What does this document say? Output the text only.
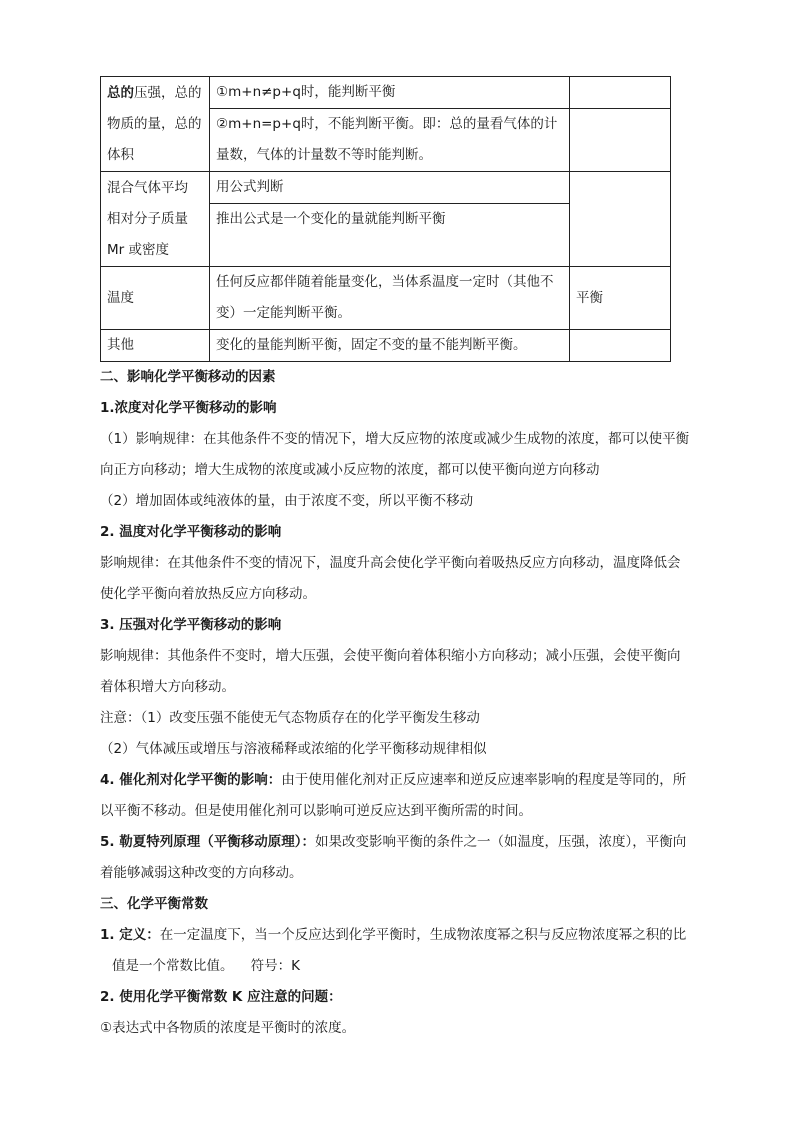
总的压强，总的
物质的量，总的
体积	①m+n≠p+q时，能判断平衡	
	②m+n=p+q时，不能判断平衡。即：总的量看气体的计量数，气体的计量数不等时能判断。	

混合气体平均
相对分子质量
Mr 或密度	用公式判断	
	推出公式是一个变化的量就能判断平衡	
温度	任何反应都伴随着能量变化，当体系温度一定时（其他不变）一定能判断平衡。	平衡
其他	变化的量能判断平衡，固定不变的量不能判断平衡。	
二、影响化学平衡移动的因素
1.浓度对化学平衡移动的影响
（1）影响规律：在其他条件不变的情况下，增大反应物的浓度或减少生成物的浓度，都可以使平衡
向正方向移动；增大生成物的浓度或减小反应物的浓度，都可以使平衡向逆方向移动
（2）增加固体或纯液体的量，由于浓度不变，所以平衡不移动
2. 温度对化学平衡移动的影响
影响规律：在其他条件不变的情况下，温度升高会使化学平衡向着吸热反应方向移动，温度降低会
使化学平衡向着放热反应方向移动。
3. 压强对化学平衡移动的影响
影响规律：其他条件不变时，增大压强，会使平衡向着体积缩小方向移动；减小压强，会使平衡向
着体积增大方向移动。
注意：（1）改变压强不能使无气态物质存在的化学平衡发生移动
（2）气体减压或增压与溶液稀释或浓缩的化学平衡移动规律相似
4. 催化剂对化学平衡的影响：由于使用催化剂对正反应速率和逆反应速率影响的程度是等同的，所
以平衡不移动。但是使用催化剂可以影响可逆反应达到平衡所需的时间。
5. 勒夏特列原理（平衡移动原理）：如果改变影响平衡的条件之一（如温度，压强，浓度），平衡向
着能够减弱这种改变的方向移动。
三、化学平衡常数
1. 定义：在一定温度下，当一个反应达到化学平衡时，生成物浓度幂之积与反应物浓度幂之积的比
值是一个常数比值。    符号：K
2. 使用化学平衡常数 K 应注意的问题：
①表达式中各物质的浓度是平衡时的浓度。
